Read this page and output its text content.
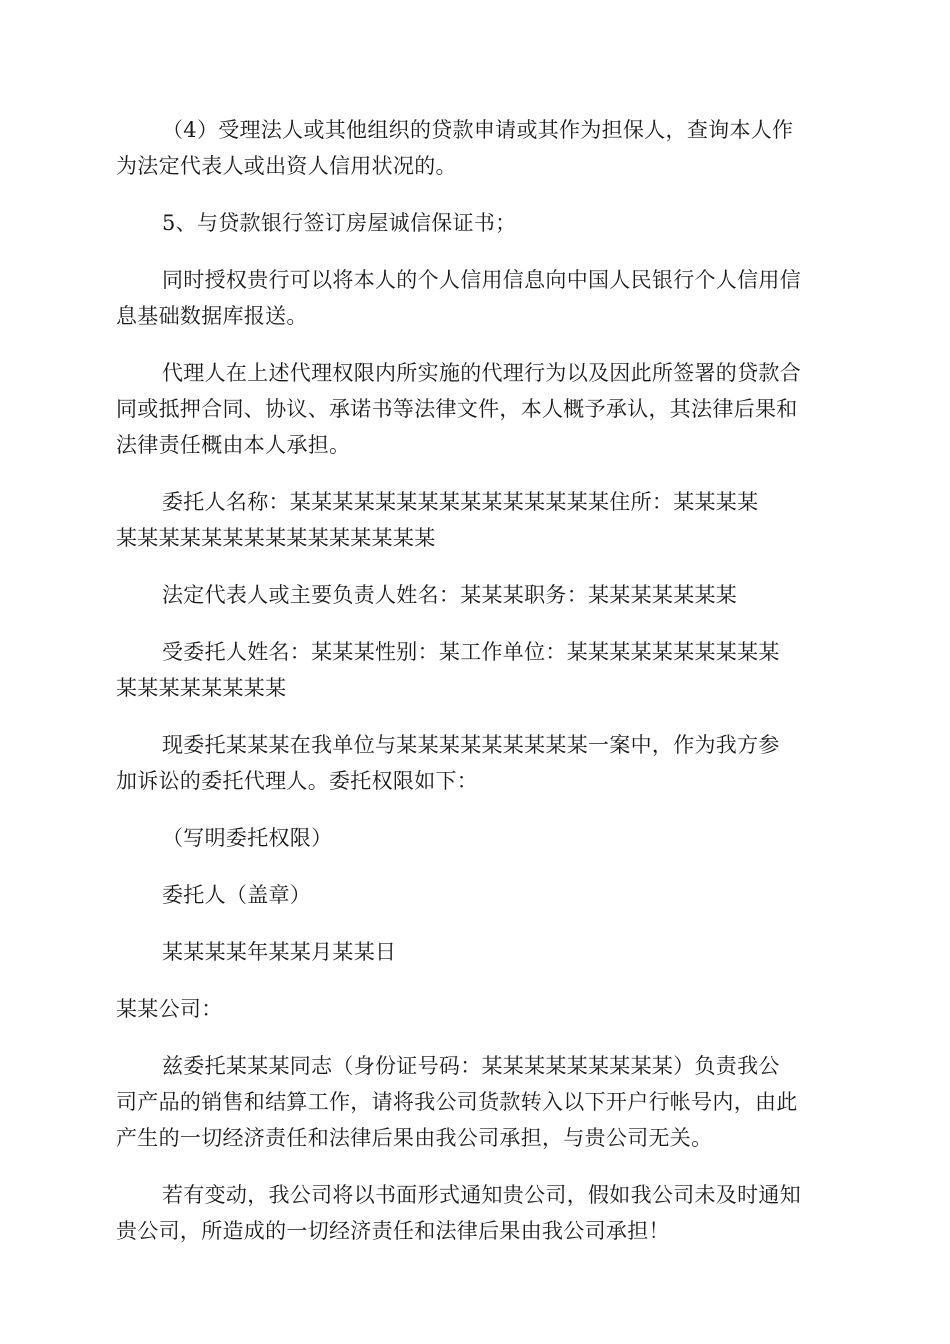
（4）受理法人或其他组织的贷款申请或其作为担保人，查询本人作
为法定代表人或出资人信用状况的。

5、与贷款银行签订房屋诚信保证书；

同时授权贵行可以将本人的个人信用信息向中国人民银行个人信用信
息基础数据库报送。

代理人在上述代理权限内所实施的代理行为以及因此所签署的贷款合
同或抵押合同、协议、承诺书等法律文件，本人概予承认，其法律后果和
法律责任概由本人承担。

委托人名称：某某某某某某某某某某某某某某某住所：某某某某
某某某某某某某某某某某某某某某

法定代表人或主要负责人姓名：某某某职务：某某某某某某某

受委托人姓名：某某某性别：某工作单位：某某某某某某某某某某
某某某某某某某某

现委托某某某在我单位与某某某某某某某某某一案中，作为我方参
加诉讼的委托代理人。委托权限如下：

（写明委托权限）

委托人（盖章）

某某某某年某某月某某日

某某公司：

兹委托某某某同志（身份证号码：某某某某某某某某某）负责我公
司产品的销售和结算工作，请将我公司货款转入以下开户行帐号内，由此
产生的一切经济责任和法律后果由我公司承担，与贵公司无关。

若有变动，我公司将以书面形式通知贵公司，假如我公司未及时通知
贵公司，所造成的一切经济责任和法律后果由我公司承担！
